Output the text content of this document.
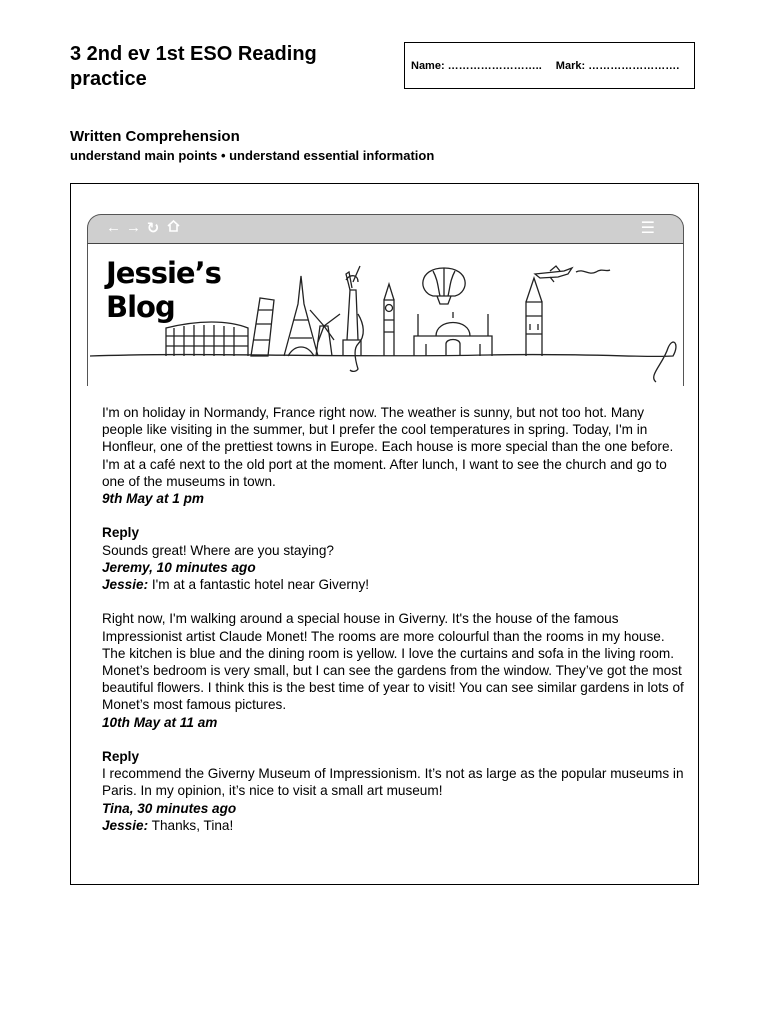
3 2nd ev 1st ESO Reading practice
Name: …………………….. Mark: …………………….
Written Comprehension
understand main points • understand essential information
← → ↻	☰
Jessie’s
Blog

I'm on holiday in Normandy, France right now. The weather is sunny, but not too hot. Many people like visiting in the summer, but I prefer the cool temperatures in spring. Today, I'm in Honfleur, one of the prettiest towns in Europe. Each house is more special than the one before. I'm at a café next to the old port at the moment. After lunch, I want to see the church and go to one of the museums in town.

9th May at 1 pm

Reply

Sounds great! Where are you staying?

Jeremy, 10 minutes ago

Jessie: I'm at a fantastic hotel near Giverny!

Right now, I'm walking around a special house in Giverny. It's the house of the famous Impressionist artist Claude Monet! The rooms are more colourful than the rooms in my house. The kitchen is blue and the dining room is yellow. I love the curtains and sofa in the living room. Monet’s bedroom is very small, but I can see the gardens from the window. They’ve got the most beautiful flowers. I think this is the best time of year to visit! You can see similar gardens in lots of Monet’s most famous pictures.

10th May at 11 am

Reply

I recommend the Giverny Museum of Impressionism. It’s not as large as the popular museums in Paris. In my opinion, it’s nice to visit a small art museum!

Tina, 30 minutes ago

Jessie: Thanks, Tina!
